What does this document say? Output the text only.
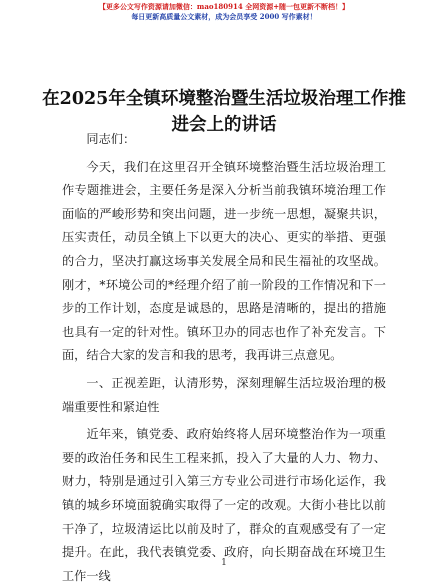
【更多公文写作资源请加微信：mao180914 全网资源+随一包更新不断档！】
每日更新高质量公文素材，成为会员享受 2000 写作素材！
在2025年全镇环境整治暨生活垃圾治理工作推进会上的讲话

同志们：

今天，我们在这里召开全镇环境整治暨生活垃圾治理工作专题推进会，主要任务是深入分析当前我镇环境治理工作面临的严峻形势和突出问题，进一步统一思想，凝聚共识，压实责任，动员全镇上下以更大的决心、更实的举措、更强的合力，坚决打赢这场事关发展全局和民生福祉的攻坚战。刚才，*环境公司的*经理介绍了前一阶段的工作情况和下一步的工作计划，态度是诚恳的，思路是清晰的，提出的措施也具有一定的针对性。镇环卫办的同志也作了补充发言。下面，结合大家的发言和我的思考，我再讲三点意见。

一、正视差距，认清形势，深刻理解生活垃圾治理的极端重要性和紧迫性

近年来，镇党委、政府始终将人居环境整治作为一项重要的政治任务和民生工程来抓，投入了大量的人力、物力、财力，特别是通过引入第三方专业公司进行市场化运作，我镇的城乡环境面貌确实取得了一定的改观。大街小巷比以前干净了，垃圾清运比以前及时了，群众的直观感受有了一定提升。在此，我代表镇党委、政府，向长期奋战在环境卫生工作一线

1
